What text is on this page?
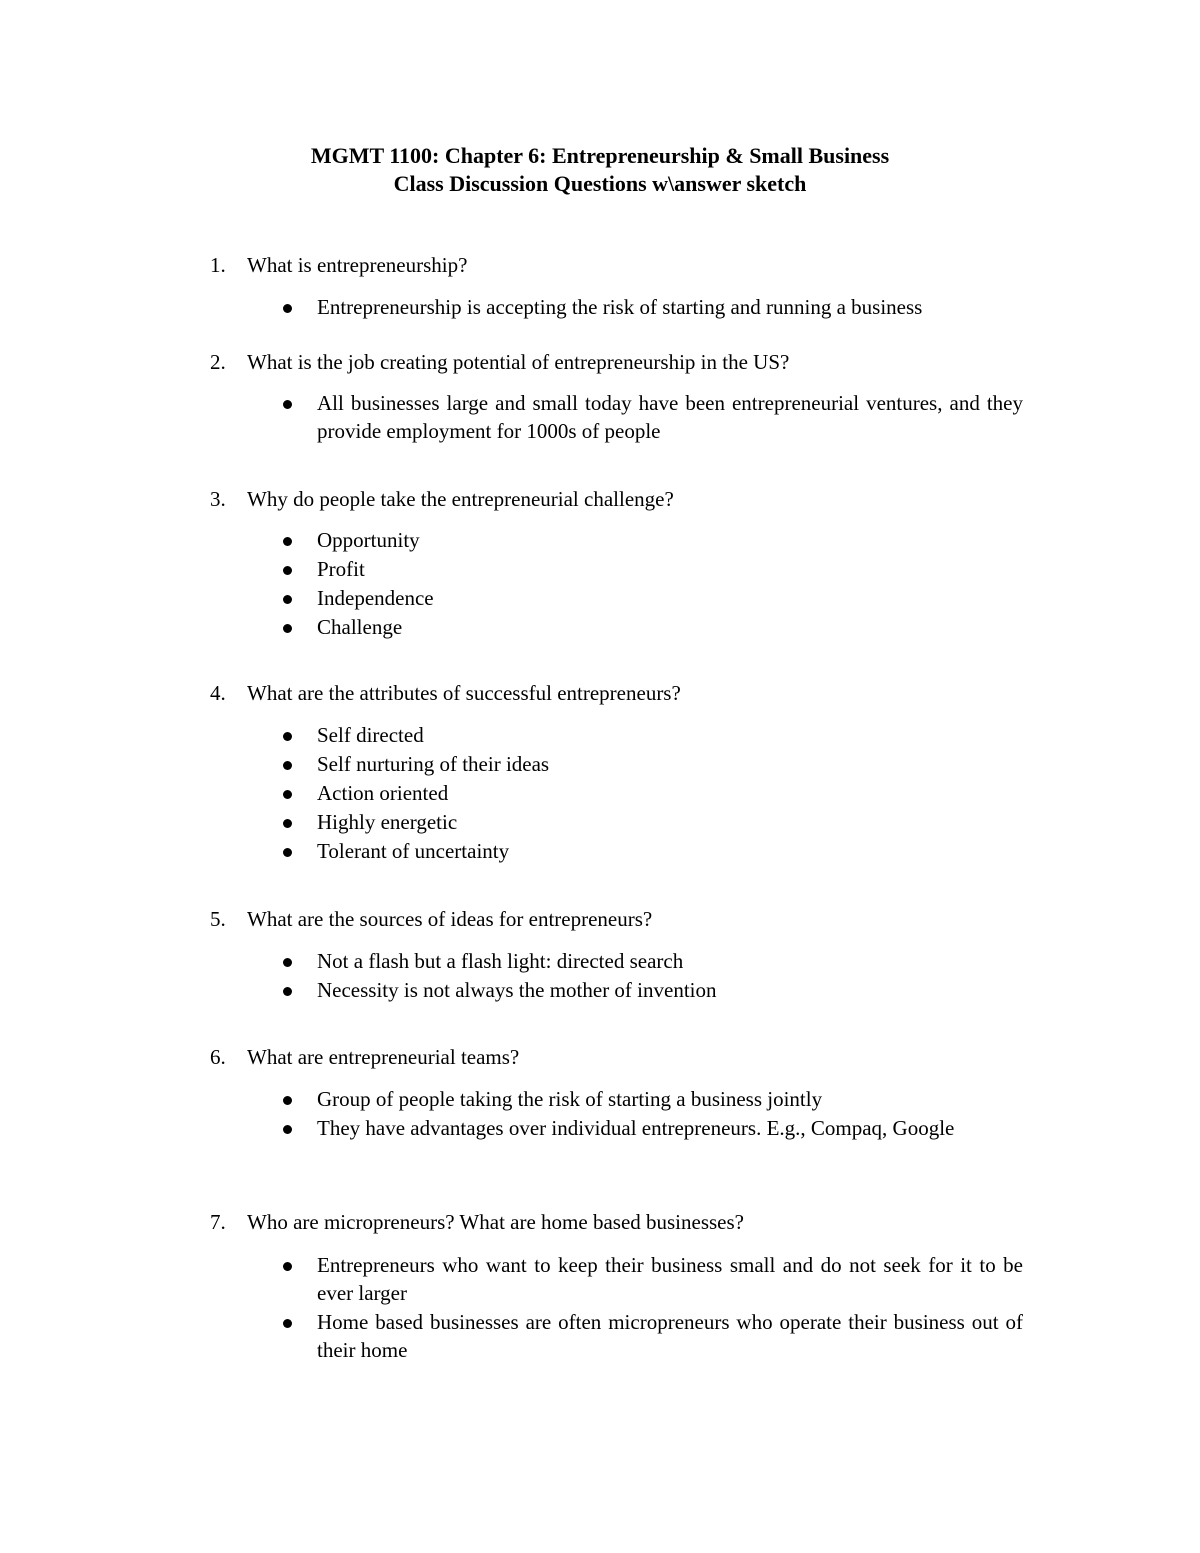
MGMT 1100: Chapter 6: Entrepreneurship & Small Business
Class Discussion Questions w\answer sketch
1.	What is entrepreneurship?
Entrepreneurship is accepting the risk of starting and running a business
2.	What is the job creating potential of entrepreneurship in the US?
All businesses large and small today have been entrepreneurial ventures, and they provide employment for 1000s of people
3.	Why do people take the entrepreneurial challenge?
Opportunity
Profit
Independence
Challenge
4.	What are the attributes of successful entrepreneurs?
Self directed
Self nurturing of their ideas
Action oriented
Highly energetic
Tolerant of uncertainty
5.	What are the sources of ideas for entrepreneurs?
Not a flash but a flash light: directed search
Necessity is not always the mother of invention
6.	What are entrepreneurial teams?
Group of people taking the risk of starting a business jointly
They have advantages over individual entrepreneurs. E.g., Compaq, Google
7.	Who are micropreneurs? What are home based businesses?
Entrepreneurs who want to keep their business small and do not seek for it to be ever larger
Home based businesses are often micropreneurs who operate their business out of their home
